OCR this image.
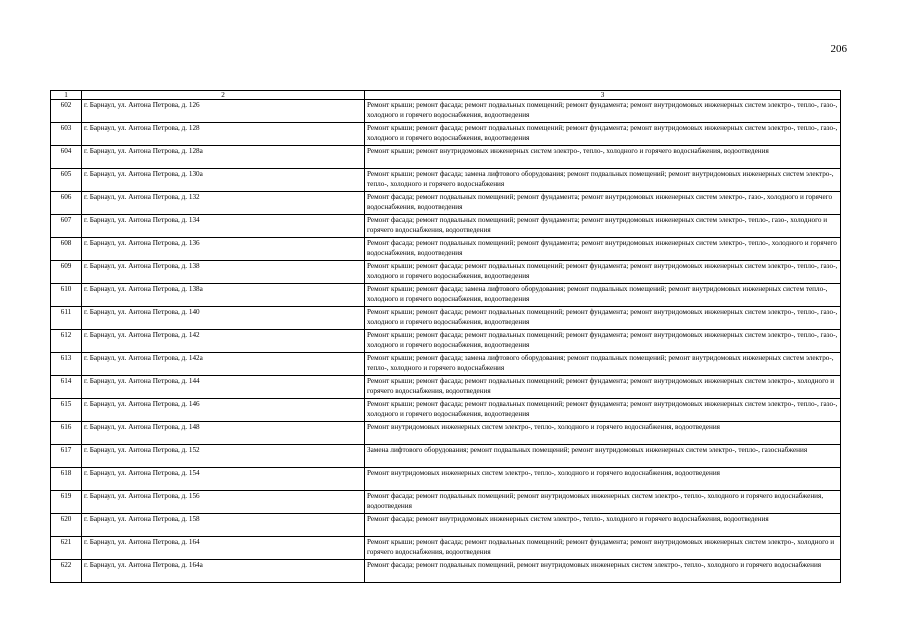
206
1	2	3
602	г. Барнаул, ул. Антона Петрова, д. 126	Ремонт крыши; ремонт фасада; ремонт подвальных помещений; ремонт фундамента; ремонт внутридомовых инженерных систем электро-, тепло-, газо-, холодного и горячего водоснабжения, водоотведения
603	г. Барнаул, ул. Антона Петрова, д. 128	Ремонт крыши; ремонт фасада; ремонт подвальных помещений; ремонт фундамента; ремонт внутридомовых инженерных систем электро-, тепло-, газо-, холодного и горячего водоснабжения, водоотведения
604	г. Барнаул, ул. Антона Петрова, д. 128а	Ремонт крыши; ремонт внутридомовых инженерных систем электро-, тепло-, холодного и горячего водоснабжения, водоотведения
605	г. Барнаул, ул. Антона Петрова, д. 130а	Ремонт крыши; ремонт фасада; замена лифтового оборудования; ремонт подвальных помещений; ремонт внутридомовых инженерных систем электро-, тепло-, холодного и горячего водоснабжения
606	г. Барнаул, ул. Антона Петрова, д. 132	Ремонт фасада; ремонт подвальных помещений; ремонт фундамента; ремонт внутридомовых инженерных систем электро-, газо-, холодного и горячего водоснабжения, водоотведения
607	г. Барнаул, ул. Антона Петрова, д. 134	Ремонт фасада; ремонт подвальных помещений; ремонт фундамента; ремонт внутридомовых инженерных систем электро-, тепло-, газо-, холодного и горячего водоснабжения, водоотведения
608	г. Барнаул, ул. Антона Петрова, д. 136	Ремонт фасада; ремонт подвальных помещений; ремонт фундамента; ремонт внутридомовых инженерных систем электро-, тепло-, холодного и горячего водоснабжения, водоотведения
609	г. Барнаул, ул. Антона Петрова, д. 138	Ремонт крыши; ремонт фасада; ремонт подвальных помещений; ремонт фундамента; ремонт внутридомовых инженерных систем электро-, тепло-, газо-, холодного и горячего водоснабжения, водоотведения
610	г. Барнаул, ул. Антона Петрова, д. 138а	Ремонт крыши; ремонт фасада; замена лифтового оборудования; ремонт подвальных помещений; ремонт внутридомовых инженерных систем тепло-, холодного и горячего водоснабжения, водоотведения
611	г. Барнаул, ул. Антона Петрова, д. 140	Ремонт крыши; ремонт фасада; ремонт подвальных помещений; ремонт фундамента; ремонт внутридомовых инженерных систем электро-, тепло-, газо-, холодного и горячего водоснабжения, водоотведения
612	г. Барнаул, ул. Антона Петрова, д. 142	Ремонт крыши; ремонт фасада; ремонт подвальных помещений; ремонт фундамента; ремонт внутридомовых инженерных систем электро-, тепло-, газо-, холодного и горячего водоснабжения, водоотведения
613	г. Барнаул, ул. Антона Петрова, д. 142а	Ремонт крыши; ремонт фасада; замена лифтового оборудования; ремонт подвальных помещений; ремонт внутридомовых инженерных систем электро-, тепло-, холодного и горячего водоснабжения
614	г. Барнаул, ул. Антона Петрова, д. 144	Ремонт крыши; ремонт фасада; ремонт подвальных помещений; ремонт фундамента; ремонт внутридомовых инженерных систем электро-, холодного и горячего водоснабжения, водоотведения
615	г. Барнаул, ул. Антона Петрова, д. 146	Ремонт крыши; ремонт фасада; ремонт подвальных помещений; ремонт фундамента; ремонт внутридомовых инженерных систем электро-, тепло-, газо-, холодного и горячего водоснабжения, водоотведения
616	г. Барнаул, ул. Антона Петрова, д. 148	Ремонт внутридомовых инженерных систем электро-, тепло-, холодного и горячего водоснабжения, водоотведения
617	г. Барнаул, ул. Антона Петрова, д. 152	Замена лифтового оборудования; ремонт подвальных помещений; ремонт внутридомовых инженерных систем электро-, тепло-, газоснабжения
618	г. Барнаул, ул. Антона Петрова, д. 154	Ремонт внутридомовых инженерных систем электро-, тепло-, холодного и горячего водоснабжения, водоотведения
619	г. Барнаул, ул. Антона Петрова, д. 156	Ремонт фасада; ремонт подвальных помещений; ремонт внутридомовых инженерных систем электро-, тепло-, холодного и горячего водоснабжения, водоотведения
620	г. Барнаул, ул. Антона Петрова, д. 158	Ремонт фасада; ремонт внутридомовых инженерных систем электро-, тепло-, холодного и горячего водоснабжения, водоотведения
621	г. Барнаул, ул. Антона Петрова, д. 164	Ремонт крыши; ремонт фасада; ремонт подвальных помещений; ремонт фундамента; ремонт внутридомовых инженерных систем электро-, холодного и горячего водоснабжения, водоотведения
622	г. Барнаул, ул. Антона Петрова, д. 164а	Ремонт фасада; ремонт подвальных помещений, ремонт внутридомовых инженерных систем электро-, тепло-, холодного и горячего водоснабжения
